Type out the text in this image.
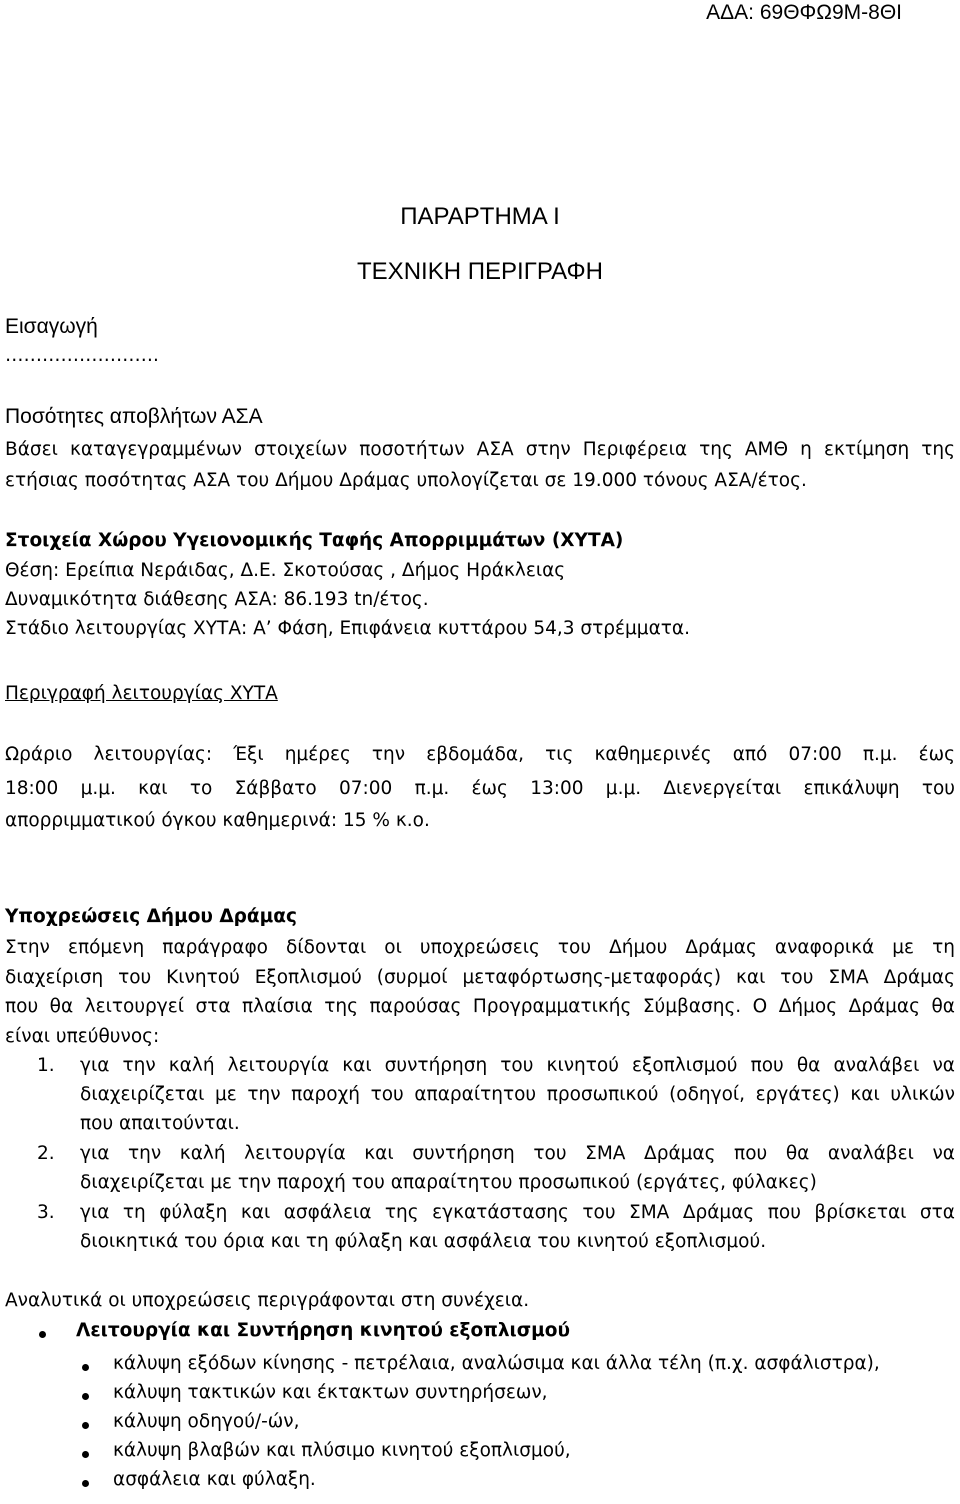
ΑΔΑ: 69ΘΦΩ9Μ-8ΘΙ
ΠΑΡΑΡΤΗΜΑ Ι
ΤΕΧΝΙΚΗ ΠΕΡΙΓΡΑΦΗ
Εισαγωγή
…………………….
Ποσότητες αποβλήτων ΑΣΑ
Βάσει καταγεγραμμένων στοιχείων ποσοτήτων ΑΣΑ στην Περιφέρεια της ΑΜΘ η εκτίμηση της
ετήσιας ποσότητας ΑΣΑ του Δήμου Δράμας υπολογίζεται σε 19.000 τόνους ΑΣΑ/έτος.
Στοιχεία Χώρου Υγειονομικής Ταφής Απορριμμάτων (ΧΥΤΑ)
Θέση: Ερείπια Νεράιδας, Δ.Ε. Σκοτούσας , Δήμος Ηράκλειας
Δυναμικότητα διάθεσης ΑΣΑ: 86.193 tn/έτος.
Στάδιο λειτουργίας ΧΥΤΑ: Α’ Φάση, Επιφάνεια κυττάρου 54,3 στρέμματα.
Περιγραφή λειτουργίας ΧΥΤΑ
Ωράριο λειτουργίας: Έξι ημέρες την εβδομάδα, τις καθημερινές από 07:00 π.μ. έως
18:00 μ.μ. και το Σάββατο 07:00 π.μ. έως 13:00 μ.μ. Διενεργείται επικάλυψη του
απορριμματικού όγκου καθημερινά: 15 % κ.ο.
Υποχρεώσεις Δήμου Δράμας
Στην επόμενη παράγραφο δίδονται οι υποχρεώσεις του Δήμου Δράμας αναφορικά με τη
διαχείριση του Κινητού Εξοπλισμού (συρμοί μεταφόρτωσης-μεταφοράς) και του ΣΜΑ Δράμας
που θα λειτουργεί στα πλαίσια της παρούσας Προγραμματικής Σύμβασης. Ο Δήμος Δράμας θα
είναι υπεύθυνος:
1. για την καλή λειτουργία και συντήρηση του κινητού εξοπλισμού που θα αναλάβει να
διαχειρίζεται με την παροχή του απαραίτητου προσωπικού (οδηγοί, εργάτες) και υλικών
που απαιτούνται.
2. για την καλή λειτουργία και συντήρηση του ΣΜΑ Δράμας που θα αναλάβει να
διαχειρίζεται με την παροχή του απαραίτητου προσωπικού (εργάτες, φύλακες)
3. για τη φύλαξη και ασφάλεια της εγκατάστασης του ΣΜΑ Δράμας που βρίσκεται στα
διοικητικά του όρια και τη φύλαξη και ασφάλεια του κινητού εξοπλισμού.
Αναλυτικά οι υποχρεώσεις περιγράφονται στη συνέχεια.
Λειτουργία και Συντήρηση κινητού εξοπλισμού
κάλυψη εξόδων κίνησης - πετρέλαια, αναλώσιμα και άλλα τέλη (π.χ. ασφάλιστρα),
κάλυψη τακτικών και έκτακτων συντηρήσεων,
κάλυψη οδηγού/-ών,
κάλυψη βλαβών και πλύσιμο κινητού εξοπλισμού,
ασφάλεια και φύλαξη.
